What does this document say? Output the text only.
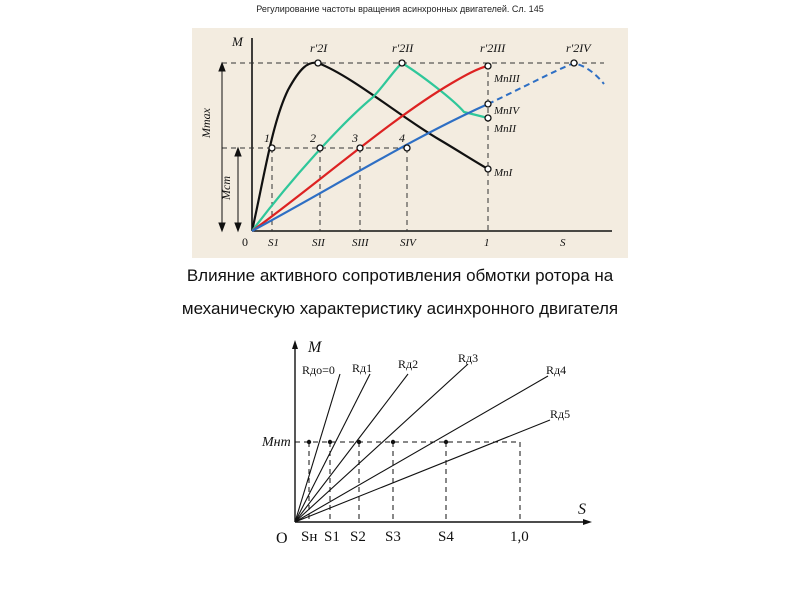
Регулирование частоты вращения асинхронных двигателей. Сл. 145
M
Mmax
Mст
0
1	2	3	4
S1	SII SIII	SIV	1	S
r'2I	r'2II	r'2III	r'2IV
MпIII
MпIV
MпII
MпI
Влияние активного сопротивления обмотки ротора на
механическую характеристику асинхронного двигателя
M
S
Mнт
O
Rдо=0 Rд1 Rд2	Rд3
Rд4
Rд5
Sн S1 S2 S3 S4	1,0
